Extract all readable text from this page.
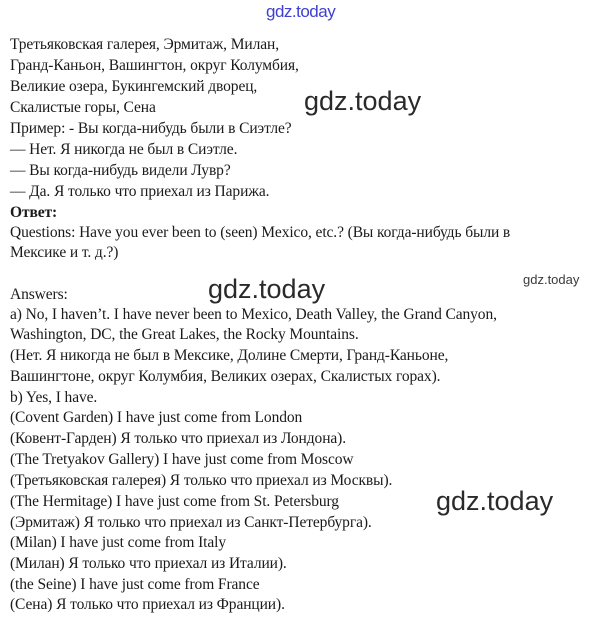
gdz.today
Третьяковская галерея, Эрмитаж, Милан,
Гранд-Каньон, Вашингтон, округ Колумбия,
Великие озера, Букингемский дворец,
Скалистые горы, Сена	gdz.today
Пример: - Вы когда-нибудь были в Сиэтле?
— Нет. Я никогда не был в Сиэтле.
— Вы когда-нибудь видели Лувр?
— Да. Я только что приехал из Парижа.
Ответ:
Questions: Have you ever been to (seen) Mexico, etc.? (Вы когда-нибудь были в
Мексике и т. д.?)
gdz.today
gdz.today
Answers:
a) No, I haven’t. I have never been to Mexico, Death Valley, the Grand Canyon,
Washington, DC, the Great Lakes, the Rocky Mountains.
(Нет. Я никогда не был в Мексике, Долине Смерти, Гранд-Каньоне,
Вашингтоне, округ Колумбия, Великих озерах, Скалистых горах).
b) Yes, I have.
(Covent Garden) I have just come from London
(Ковент-Гарден) Я только что приехал из Лондона).
(The Tretyakov Gallery) I have just come from Moscow
(Третьяковская галерея) Я только что приехал из Москвы).
(The Hermitage) I have just come from St. Petersburg	gdz.today
(Эрмитаж) Я только что приехал из Санкт-Петербурга).
(Milan) I have just come from Italy
(Милан) Я только что приехал из Италии).
(the Seine) I have just come from France
(Сена) Я только что приехал из Франции).
